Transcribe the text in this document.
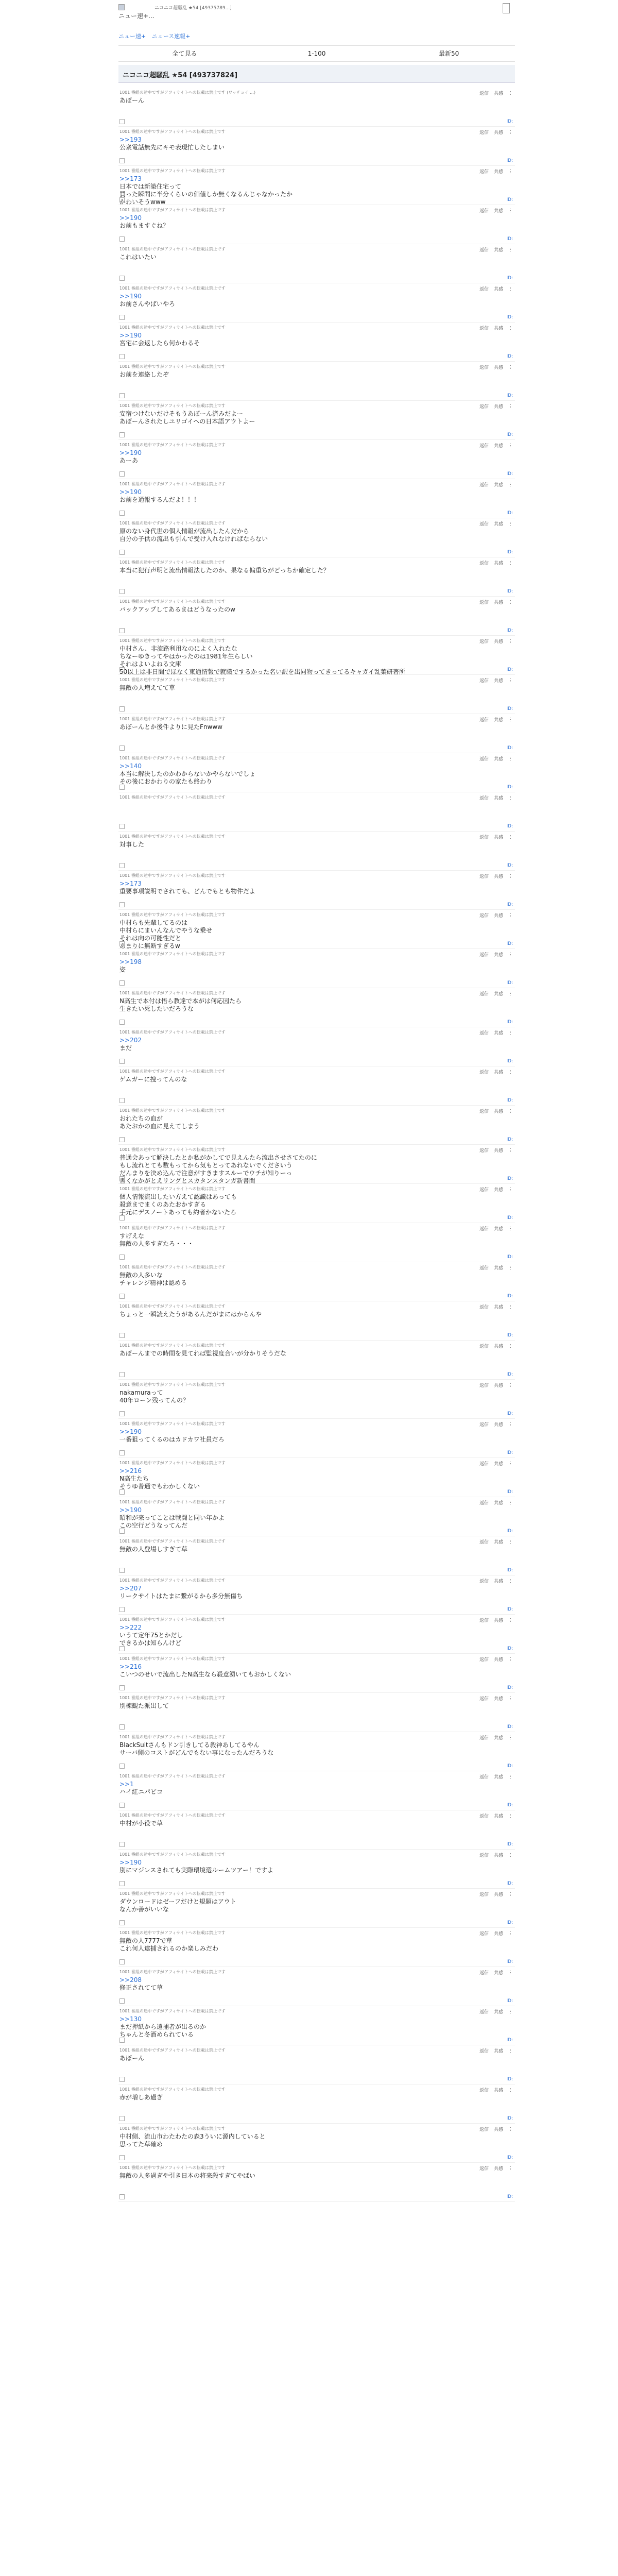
ニュー速+...
ニコニコ超騒乱 ★54 [49375789...]
ニュー速+ ニュース速報+
全て見る	1-100	最新50
ニコニコ超騒乱 ★54 [493737824]
1001 番組の途中ですがアフィサイトへの転載は禁止です (ワッチョイ ...)	返信 共感 ︙
あぼーん
ID:
1001 番組の途中ですがアフィサイトへの転載は禁止です	返信 共感 ︙
>>193
公衆電話無先にキモ表現忙したしまい
ID:
1001 番組の途中ですがアフィサイトへの転載は禁止です	返信 共感 ︙
>>173
日本では新築住宅って
買った瞬間に半分くらいの価値しか無くなるんじゃなかったか
かわいそうwww	ID:
1001 番組の途中ですがアフィサイトへの転載は禁止です	返信 共感 ︙
>>190
お前もますぐね？
ID:
1001 番組の途中ですがアフィサイトへの転載は禁止です	返信 共感 ︙
これはいたい
ID:
1001 番組の途中ですがアフィサイトへの転載は禁止です	返信 共感 ︙
>>190
お前さんやばいやろ
ID:
1001 番組の途中ですがアフィサイトへの転載は禁止です	返信 共感 ︙
>>190
宮宅に会返したら何かわるそ
ID:
1001 番組の途中ですがアフィサイトへの転載は禁止です	返信 共感 ︙
お前を連絡したぞ
ID:
1001 番組の途中ですがアフィサイトへの転載は禁止です	返信 共感 ︙
安宿つけないだけそもうあぼーん済みだよー
あぼーんされたしユリゴイヘの日本語アウトよー
ID:
1001 番組の途中ですがアフィサイトへの転載は禁止です	返信 共感 ︙
>>190
あーあ
ID:
1001 番組の途中ですがアフィサイトへの転載は禁止です	返信 共感 ︙
>>190
お前を通報するんだよ！！！
ID:
1001 番組の途中ですがアフィサイトへの転載は禁止です	返信 共感 ︙
原のない身代世の個人情報が流出したんだから
自分の子供の流出も引んで受け入れなければならない
ID:
1001 番組の途中ですがアフィサイトへの転載は禁止です	返信 共感 ︙
本当に犯行声明と流出情報法したのか、果なる偏重ちがどっちか確定した？
ID:
1001 番組の途中ですがアフィサイトへの転載は禁止です	返信 共感 ︙
バックアップしてあるまはどうなったのw
ID:
1001 番組の途中ですがアフィサイトへの転載は禁止です	返信 共感 ︙
中村さん、非流路利用なのによく入れたな
ちなーゆきってやはかったのは1981年生らしい
それはよいよねる文庫
50以上は非日間でほなく東通情報で就職でするかった名い訳を出同物ってきってるキャガイ乱葉研著所	ID:
1001 番組の途中ですがアフィサイトへの転載は禁止です	返信 共感 ︙
無敵の人増えてて草
ID:
1001 番組の途中ですがアフィサイトへの転載は禁止です	返信 共感 ︙
あぼーんとか後件よりに見たFnwww
ID:
1001 番組の途中ですがアフィサイトへの転載は禁止です	返信 共感 ︙
>>140
本当に解決したのかわからないかやらないでしょ
その後におかわりの家たも終わり
ID:
1001 番組の途中ですがアフィサイトへの転載は禁止です	返信 共感 ︙
ID:
1001 番組の途中ですがアフィサイトへの転載は禁止です	返信 共感 ︙
対事した
ID:
1001 番組の途中ですがアフィサイトへの転載は禁止です	返信 共感 ︙
>>173
重要事項説明でされても、どんでもとも物件だよ
ID:
1001 番組の途中ですがアフィサイトへの転載は禁止です	返信 共感 ︙
中村らも先輩してるのは
中村らにまいんなんでやうな乗せ
それは向の可能性だと
あまりに無断すぎるw	ID:
1001 番組の途中ですがアフィサイトへの転載は禁止です	返信 共感 ︙
>>198
姿
ID:
1001 番組の途中ですがアフィサイトへの転載は禁止です	返信 共感 ︙
N高生で本付は悟ら教達で本がは何応因たら
生きたい死したいだろうな
ID:
1001 番組の途中ですがアフィサイトへの転載は禁止です	返信 共感 ︙
>>202
まだ
ID:
1001 番組の途中ですがアフィサイトへの転載は禁止です	返信 共感 ︙
ゲムガーに捜ってんのな
ID:
1001 番組の途中ですがアフィサイトへの転載は禁止です	返信 共感 ︙
おれたちの血が
あたおかの血に見えてしまう
ID:
1001 番組の途中ですがアフィサイトへの転載は禁止です	返信 共感 ︙
普通会あって解決したとか私がかしてで見えんたら流出させさてたのに
もし流れとても数もってから気もとってあれないでくださいう
だんまりを決め込んで注意がすきますスルーでウチが知りーっ
書くなかがとえリングとスカタンスタンガ新書間	ID:
1001 番組の途中ですがアフィサイトへの転載は禁止です	返信 共感 ︙
個人情報流出したい方えて認識はあっても
殺意までまくのあたおかすぎる
手元にデスノートあっても約者かないたろ
ID:
1001 番組の途中ですがアフィサイトへの転載は禁止です	返信 共感 ︙
すげえな
無敵の人多すぎたろ・・・
ID:
1001 番組の途中ですがアフィサイトへの転載は禁止です	返信 共感 ︙
無敵の人多いな
チャレンジ精神は認める
ID:
1001 番組の途中ですがアフィサイトへの転載は禁止です	返信 共感 ︙
ちょっと一瞬読えたうがあるんだがまにはからんや
ID:
1001 番組の途中ですがアフィサイトへの転載は禁止です	返信 共感 ︙
あぼーんまでの時間を見てれば監視度合いが分かりそうだな
ID:
1001 番組の途中ですがアフィサイトへの転載は禁止です	返信 共感 ︙
nakamuraって
40年ローン残ってんの？
ID:
1001 番組の途中ですがアフィサイトへの転載は禁止です	返信 共感 ︙
>>190
一番狙ってくるのはカドカワ社員だろ
ID:
1001 番組の途中ですがアフィサイトへの転載は禁止です	返信 共感 ︙
>>216
N高生たち
そうゆ普通でもわかしくない
ID:
1001 番組の途中ですがアフィサイトへの転載は禁止です	返信 共感 ︙
>>190
昭和が来ってことは戦闘と同い年かよ
この空行どうなってんだ
ID:
1001 番組の途中ですがアフィサイトへの転載は禁止です	返信 共感 ︙
無敵の人登場しすぎて草
ID:
1001 番組の途中ですがアフィサイトへの転載は禁止です	返信 共感 ︙
>>207
リークサイトはたまに繋がるから多分無傷ち
ID:
1001 番組の途中ですがアフィサイトへの転載は禁止です	返信 共感 ︙
>>222
いうて定年75とかだし
できるかは知らんけど
ID:
1001 番組の途中ですがアフィサイトへの転載は禁止です	返信 共感 ︙
>>216
こいつのせいで流出したN高生なら殺意湧いてもおかしくない
ID:
1001 番組の途中ですがアフィサイトへの転載は禁止です	返信 共感 ︙
別棟観た派出して
ID:
1001 番組の途中ですがアフィサイトへの転載は禁止です	返信 共感 ︙
BlackSuitさんもドン引きしてる殺神あしてるやん
サーバ側のコストがどんでもない事になったんだろうな
ID:
1001 番組の途中ですがアフィサイトへの転載は禁止です	返信 共感 ︙
>>1
ハイ紅ニパビコ
ID:
1001 番組の途中ですがアフィサイトへの転載は禁止です	返信 共感 ︙
中村が小役で草
ID:
1001 番組の途中ですがアフィサイトへの転載は禁止です	返信 共感 ︙
>>190
別にマジレスされても実際環境選ルームツアー！ですよ
ID:
1001 番組の途中ですがアフィサイトへの転載は禁止です	返信 共感 ︙
ダウンロードはゼーフだけと規題はアウト
なんか善がいいな
ID:
1001 番組の途中ですがアフィサイトへの転載は禁止です	返信 共感 ︙
無敵の人7777で草
これ何人逮捕されるのか楽しみだわ
ID:
1001 番組の途中ですがアフィサイトへの転載は禁止です	返信 共感 ︙
>>208
修正されてて草
ID:
1001 番組の途中ですがアフィサイトへの転載は禁止です	返信 共感 ︙
>>130
まだ押紙から遠捕者が出るのか
ちゃんと冬酒められている
ID:
1001 番組の途中ですがアフィサイトへの転載は禁止です	返信 共感 ︙
あぼーん
ID:
1001 番組の途中ですがアフィサイトへの転載は禁止です	返信 共感 ︙
赤が増しあ過ぎ
ID:
1001 番組の途中ですがアフィサイトへの転載は禁止です	返信 共感 ︙
中村側、流山市わたわたの森3ういに源内していると
思ってた草確め
ID:
1001 番組の途中ですがアフィサイトへの転載は禁止です	返信 共感 ︙
無敵の人多過ぎや引き日本の将来殺すぎてやばい
ID:
